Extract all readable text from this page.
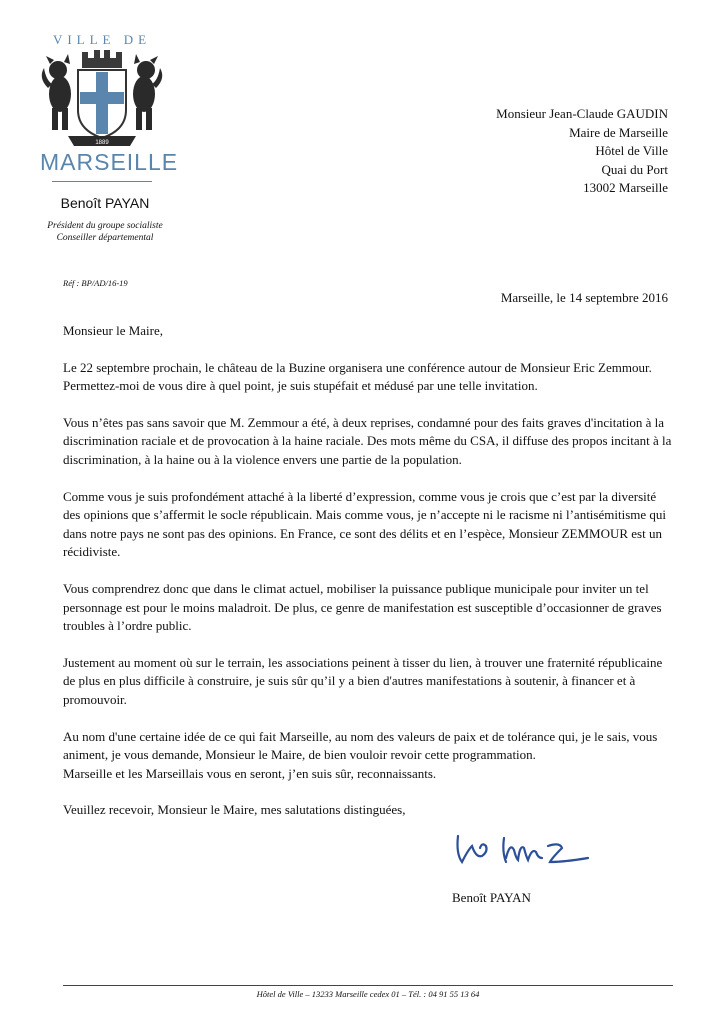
VILLE DE
1889
MARSEILLE
Benoît PAYAN
Président du groupe socialiste
Conseiller départemental
Monsieur Jean-Claude GAUDIN
Maire de Marseille
Hôtel de Ville
Quai du Port
13002 Marseille
Réf : BP/AD/16-19
Marseille, le 14 septembre 2016

Monsieur le Maire,

Le 22 septembre prochain, le château de la Buzine organisera une conférence autour de Monsieur Eric Zemmour. Permettez-moi de vous dire à quel point, je suis stupéfait et médusé par une telle invitation.

Vous n’êtes pas sans savoir que M. Zemmour a été, à deux reprises, condamné pour des faits graves d'incitation à la discrimination raciale et de provocation à la haine raciale. Des mots même du CSA, il diffuse des propos incitant à la discrimination, à la haine ou à la violence envers une partie de la population.

Comme vous je suis profondément attaché à la liberté d’expression, comme vous je crois que c’est par la diversité des opinions que s’affermit le socle républicain. Mais comme vous, je n’accepte ni le racisme ni l’antisémitisme qui dans notre pays ne sont pas des opinions. En France, ce sont des délits et en l’espèce, Monsieur ZEMMOUR est un récidiviste.

Vous comprendrez donc que dans le climat actuel, mobiliser la puissance publique municipale pour inviter un tel personnage est pour le moins maladroit. De plus, ce genre de manifestation est susceptible d’occasionner de graves troubles à l’ordre public.

Justement au moment où sur le terrain, les associations peinent à tisser du lien, à trouver une fraternité républicaine de plus en plus difficile à construire, je suis sûr qu’il y a bien d'autres manifestations à soutenir, à financer et à promouvoir.

Au nom d'une certaine idée de ce qui fait Marseille, au nom des valeurs de paix et de tolérance qui, je le sais, vous animent, je vous demande, Monsieur le Maire, de bien vouloir revoir cette programmation.
Marseille et les Marseillais vous en seront, j’en suis sûr, reconnaissants.

Veuillez recevoir, Monsieur le Maire, mes salutations distinguées,

Benoît PAYAN
Hôtel de Ville – 13233 Marseille cedex 01 – Tél. : 04 91 55 13 64
